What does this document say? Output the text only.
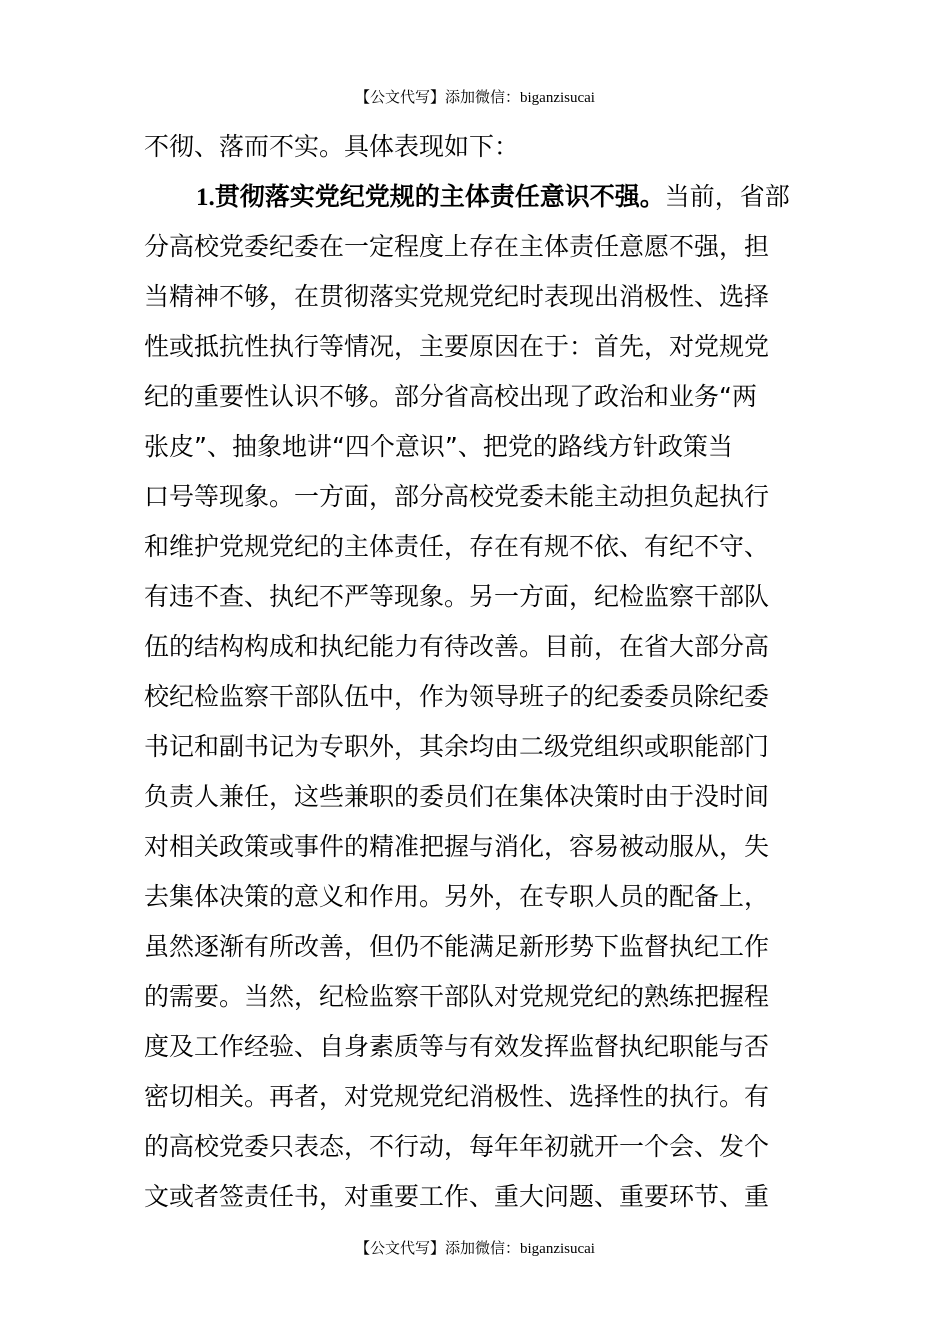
【公文代写】添加微信：biganzisucai
不彻、落而不实。具体表现如下：
1.贯彻落实党纪党规的主体责任意识不强。当前，省部
分高校党委纪委在一定程度上存在主体责任意愿不强，担
当精神不够，在贯彻落实党规党纪时表现出消极性、选择
性或抵抗性执行等情况，主要原因在于：首先，对党规党
纪的重要性认识不够。部分省高校出现了政治和业务“两
张皮”、抽象地讲“四个意识”、把党的路线方针政策当
口号等现象。一方面，部分高校党委未能主动担负起执行
和维护党规党纪的主体责任，存在有规不依、有纪不守、
有违不查、执纪不严等现象。另一方面，纪检监察干部队
伍的结构构成和执纪能力有待改善。目前，在省大部分高
校纪检监察干部队伍中，作为领导班子的纪委委员除纪委
书记和副书记为专职外，其余均由二级党组织或职能部门
负责人兼任，这些兼职的委员们在集体决策时由于没时间
对相关政策或事件的精准把握与消化，容易被动服从，失
去集体决策的意义和作用。另外，在专职人员的配备上，
虽然逐渐有所改善，但仍不能满足新形势下监督执纪工作
的需要。当然，纪检监察干部队对党规党纪的熟练把握程
度及工作经验、自身素质等与有效发挥监督执纪职能与否
密切相关。再者，对党规党纪消极性、选择性的执行。有
的高校党委只表态，不行动，每年年初就开一个会、发个
文或者签责任书，对重要工作、重大问题、重要环节、重
【公文代写】添加微信：biganzisucai
